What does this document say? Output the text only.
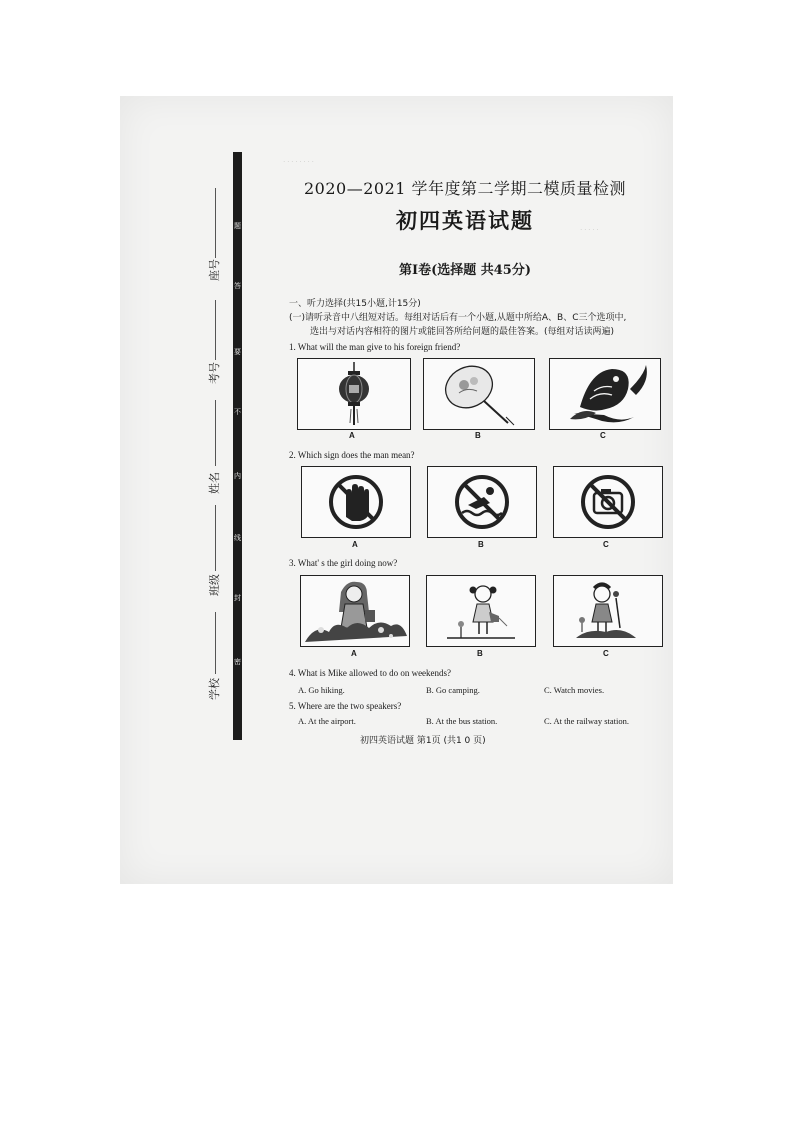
· · · · · · · ·
· · · · ·
题
答
要
不
内
线
封
密
座号
考号
姓名
班级
学校
2020—2021 学年度第二学期二模质量检测
初四英语试题
第Ⅰ卷(选择题 共45分)
一、听力选择(共15小题,计15分)
(一)请听录音中八组短对话。每组对话后有一个小题,从题中所给A、B、C三个选项中,
选出与对话内容相符的图片或能回答所给问题的最佳答案。(每组对话读两遍)
1. What will the man give to his foreign friend?
A	B	C
2. Which sign does the man mean?
A	B	C
3. What' s the girl doing now?
A	B	C
4. What is Mike allowed to do on weekends?
A. Go hiking.	B. Go camping.	C. Watch movies.
5. Where are the two speakers?
A. At the airport.	B. At the bus station.	C. At the railway station.
初四英语试题 第1页 (共1 0 页)
